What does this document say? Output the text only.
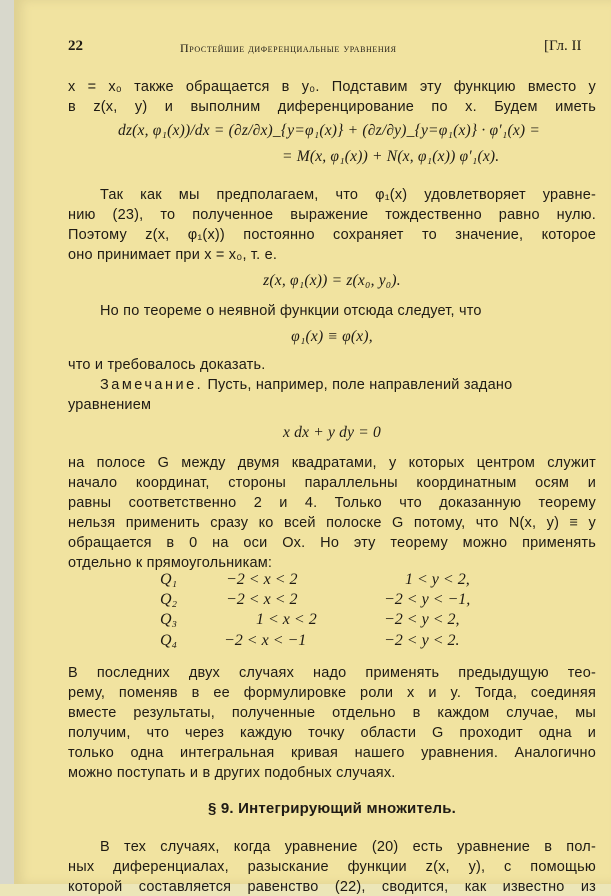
22	Простейшие диференциальные уравнения	[Гл. II
x = x₀ также обращается в y₀. Подставим эту функцию вместо y
в z(x, y) и выполним диференцирование по x. Будем иметь
dz(x, φ₁(x))/dx = (∂z/∂x)_{y=φ₁(x)} + (∂z/∂y)_{y=φ₁(x)} · φ′₁(x) =
= M(x, φ₁(x)) + N(x, φ₁(x)) φ′₁(x).
Так как мы предполагаем, что φ₁(x) удовлетворяет уравне-
нию (23), то полученное выражение тождественно равно нулю.
Поэтому z(x, φ₁(x)) постоянно сохраняет то значение, которое
оно принимает при x = x₀, т. е.
z(x, φ₁(x)) = z(x₀, y₀).
Но по теореме о неявной функции отсюда следует, что
φ₁(x) ≡ φ(x),
что и требовалось доказать.
Замечание. Пусть, например, поле направлений задано
уравнением
x dx + y dy = 0
на полосе G между двумя квадратами, у которых центром служит
начало координат, стороны параллельны координатным осям и
равны соответственно 2 и 4. Только что доказанную теорему
нельзя применить сразу ко всей полоске G потому, что N(x, y) ≡ y
обращается в 0 на оси Ox. Но эту теорему можно применять
отдельно к прямоугольникам:
Q₁	−2 < x < 2	1 < y < 2,
Q₂	−2 < x < 2	−2 < y < −1,
Q₃	1 < x < 2	−2 < y < 2,
Q₄	−2 < x < −1	−2 < y < 2.
В последних двух случаях надо применять предыдущую тео-
рему, поменяв в ее формулировке роли x и y. Тогда, соединяя
вместе результаты, полученные отдельно в каждом случае, мы
получим, что через каждую точку области G проходит одна и
только одна интегральная кривая нашего уравнения. Аналогично
можно поступать и в других подобных случаях.
§ 9. Интегрирующий множитель.
В тех случаях, когда уравнение (20) есть уравнение в пол-
ных диференциалах, разыскание функции z(x, y), с помощью
которой составляется равенство (22), сводится, как известно из
